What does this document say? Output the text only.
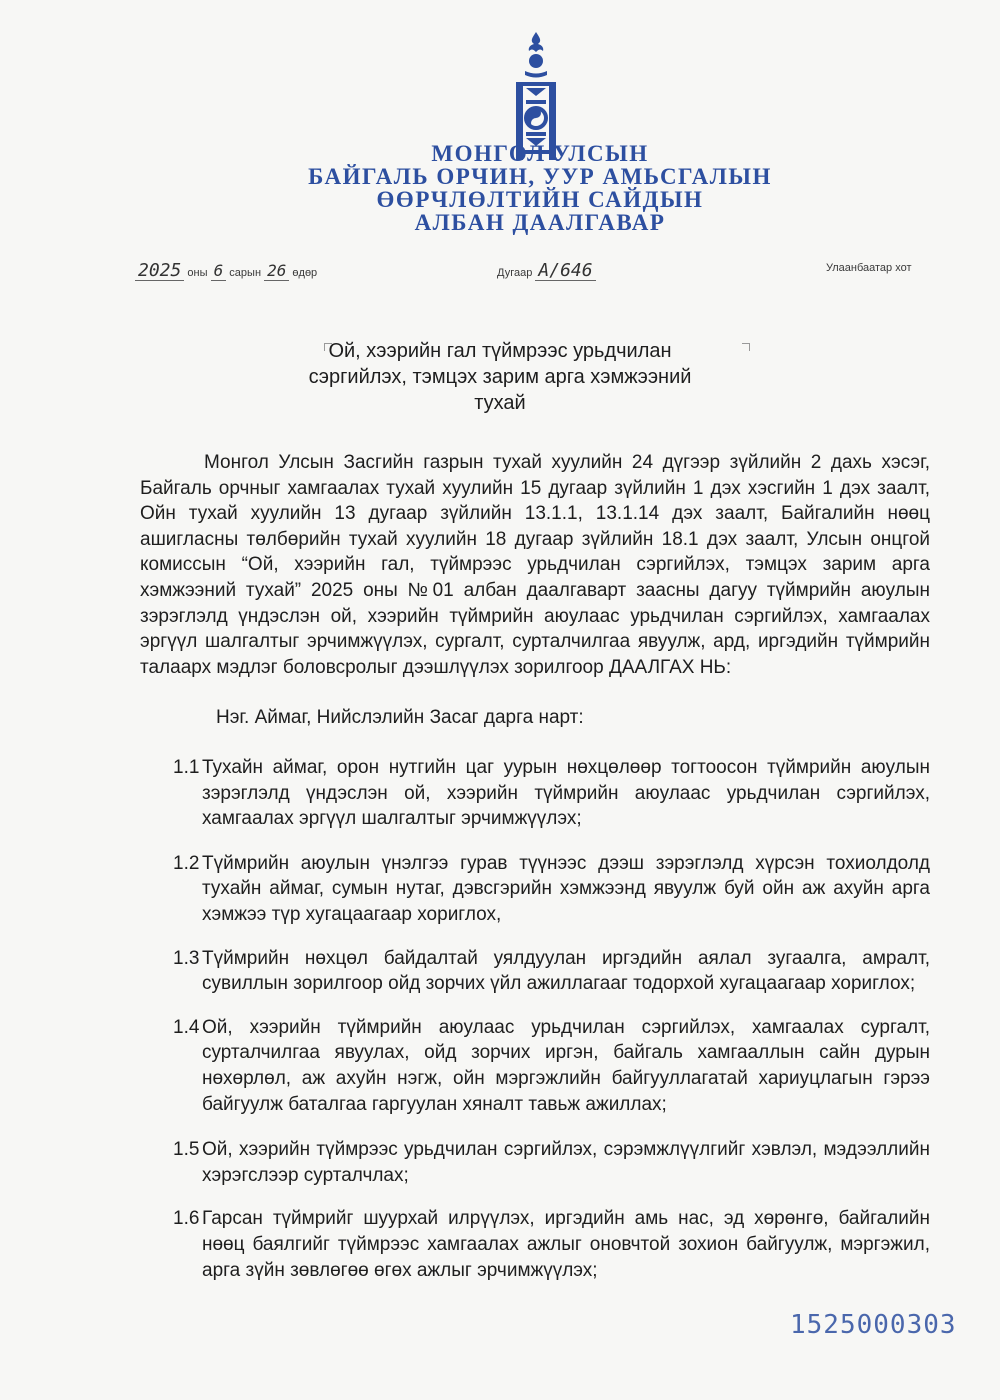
МОНГОЛ УЛСЫН
БАЙГАЛЬ ОРЧИН, УУР АМЬСГАЛЫН
ӨӨРЧЛӨЛТИЙН САЙДЫН
АЛБАН ДААЛГАВАР
2025 оны 6 сарын 26 өдөр	Дугаар А/646	Улаанбаатар хот
Ой, хээрийн гал түймрээс урьдчилан
сэргийлэх, тэмцэх зарим арга хэмжээний
тухай

Монгол Улсын Засгийн газрын тухай хуулийн 24 дүгээр зүйлийн 2 дахь хэсэг, Байгаль орчныг хамгаалах тухай хуулийн 15 дугаар зүйлийн 1 дэх хэсгийн 1 дэх заалт, Ойн тухай хуулийн 13 дугаар зүйлийн 13.1.1, 13.1.14 дэх заалт, Байгалийн нөөц ашигласны төлбөрийн тухай хуулийн 18 дугаар зүйлийн 18.1 дэх заалт, Улсын онцгой комиссын “Ой, хээрийн гал, түймрээс урьдчилан сэргийлэх, тэмцэх зарим арга хэмжээний тухай” 2025 оны №01 албан даалгаварт заасны дагуу түймрийн аюулын зэрэглэлд үндэслэн ой, хээрийн түймрийн аюулаас урьдчилан сэргийлэх, хамгаалах эргүүл шалгалтыг эрчимжүүлэх, сургалт, сурталчилгаа явуулж, ард, иргэдийн түймрийн талаарх мэдлэг боловсролыг дээшлүүлэх зорилгоор ДААЛГАХ НЬ:

Нэг. Аймаг, Нийслэлийн Засаг дарга нарт:
1.1 Тухайн аймаг, орон нутгийн цаг уурын нөхцөлөөр тогтоосон түймрийн аюулын зэрэглэлд үндэслэн ой, хээрийн түймрийн аюулаас урьдчилан сэргийлэх, хамгаалах эргүүл шалгалтыг эрчимжүүлэх;
1.2 Түймрийн аюулын үнэлгээ гурав түүнээс дээш зэрэглэлд хүрсэн тохиолдолд тухайн аймаг, сумын нутаг, дэвсгэрийн хэмжээнд явуулж буй ойн аж ахуйн арга хэмжээ түр хугацаагаар хориглох,
1.3 Түймрийн нөхцөл байдалтай уялдуулан иргэдийн аялал зугаалга, амралт, сувиллын зорилгоор ойд зорчих үйл ажиллагааг тодорхой хугацаагаар хориглох;
1.4 Ой, хээрийн түймрийн аюулаас урьдчилан сэргийлэх, хамгаалах сургалт, сурталчилгаа явуулах, ойд зорчих иргэн, байгаль хамгааллын сайн дурын нөхөрлөл, аж ахуйн нэгж, ойн мэргэжлийн байгууллагатай хариуцлагын гэрээ байгуулж баталгаа гаргуулан хяналт тавьж ажиллах;
1.5 Ой, хээрийн түймрээс урьдчилан сэргийлэх, сэрэмжлүүлгийг хэвлэл, мэдээллийн хэрэгслээр сурталчлах;
1.6 Гарсан түймрийг шуурхай илрүүлэх, иргэдийн амь нас, эд хөрөнгө, байгалийн нөөц баялгийг түймрээс хамгаалах ажлыг оновчтой зохион байгуулж, мэргэжил, арга зүйн зөвлөгөө өгөх ажлыг эрчимжүүлэх;
1525000303
